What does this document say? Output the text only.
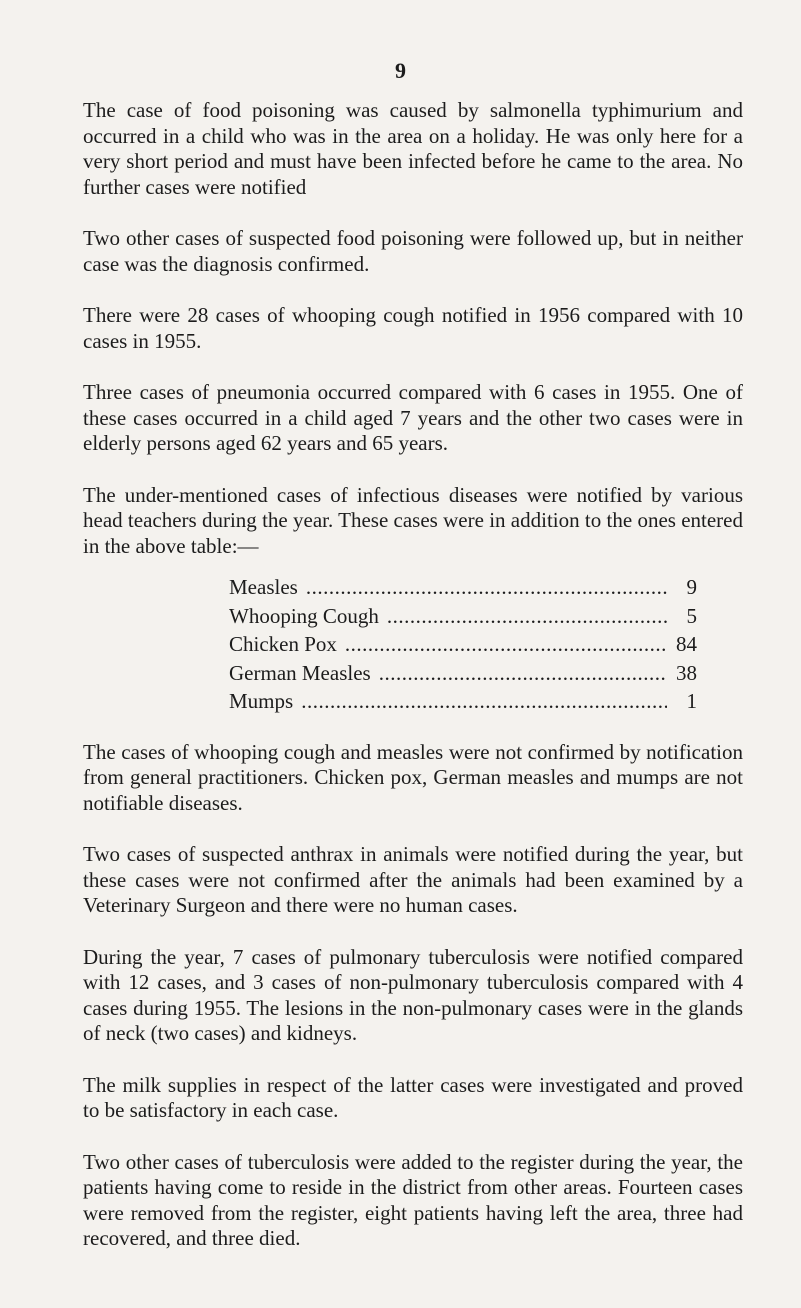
9

The case of food poisoning was caused by salmonella typhimurium and occurred in a child who was in the area on a holiday. He was only here for a very short period and must have been infected before he came to the area. No further cases were notified

Two other cases of suspected food poisoning were followed up, but in neither case was the diagnosis confirmed.

There were 28 cases of whooping cough notified in 1956 compared with 10 cases in 1955.

Three cases of pneumonia occurred compared with 6 cases in 1955. One of these cases occurred in a child aged 7 years and the other two cases were in elderly persons aged 62 years and 65 years.

The under-mentioned cases of infectious diseases were notified by various head teachers during the year. These cases were in addition to the ones entered in the above table:—

Measles .....	9
Whooping Cough .....	5
Chicken Pox .....	84
German Measles .....	38
Mumps .....	1

The cases of whooping cough and measles were not confirmed by notification from general practitioners. Chicken pox, German measles and mumps are not notifiable diseases.

Two cases of suspected anthrax in animals were notified during the year, but these cases were not confirmed after the animals had been examined by a Veterinary Surgeon and there were no human cases.

During the year, 7 cases of pulmonary tuberculosis were notified compared with 12 cases, and 3 cases of non-pulmonary tuberculosis compared with 4 cases during 1955. The lesions in the non-pulmonary cases were in the glands of neck (two cases) and kidneys.

The milk supplies in respect of the latter cases were investigated and proved to be satisfactory in each case.

Two other cases of tuberculosis were added to the register during the year, the patients having come to reside in the district from other areas. Fourteen cases were removed from the register, eight patients having left the area, three had recovered, and three died.
